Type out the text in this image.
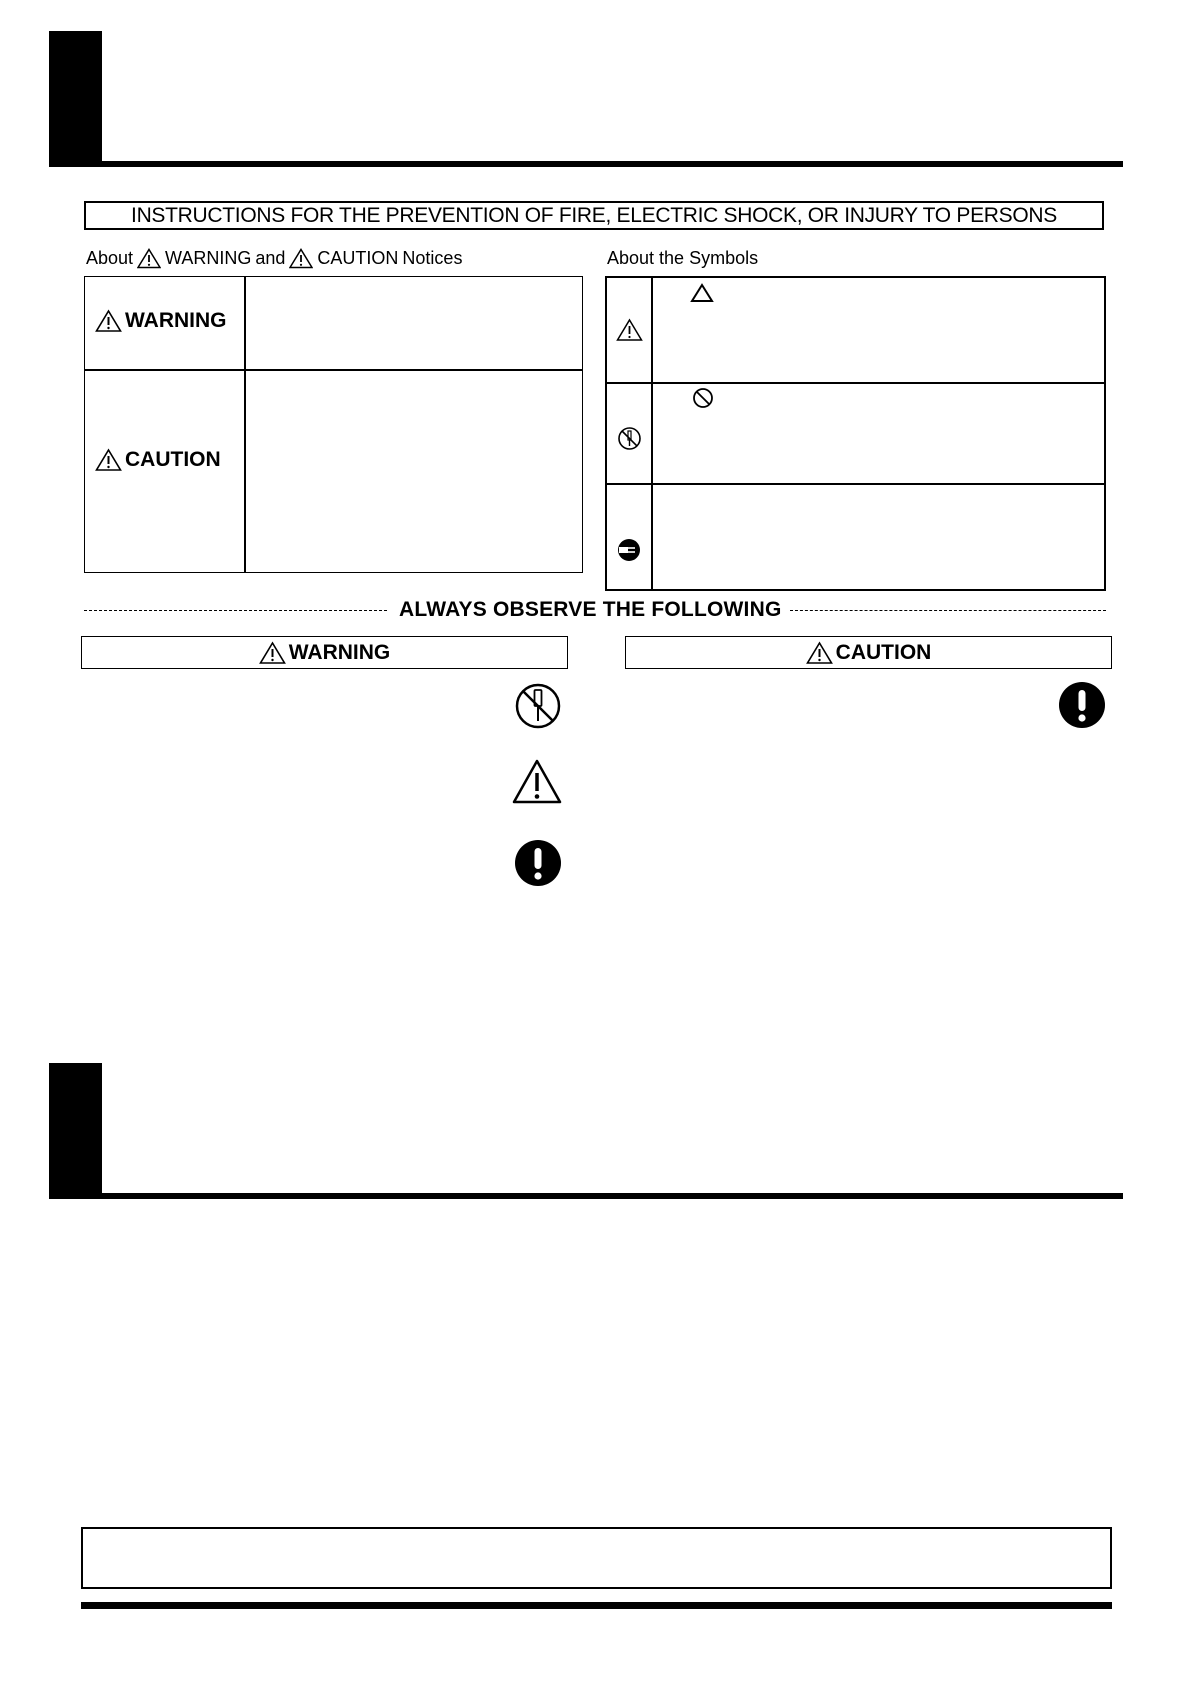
INSTRUCTIONS FOR THE PREVENTION OF FIRE, ELECTRIC SHOCK, OR INJURY TO PERSONS
About WARNING and CAUTION Notices	About the Symbols
WARNING
CAUTION
ALWAYS OBSERVE THE FOLLOWING
WARNING	CAUTION
